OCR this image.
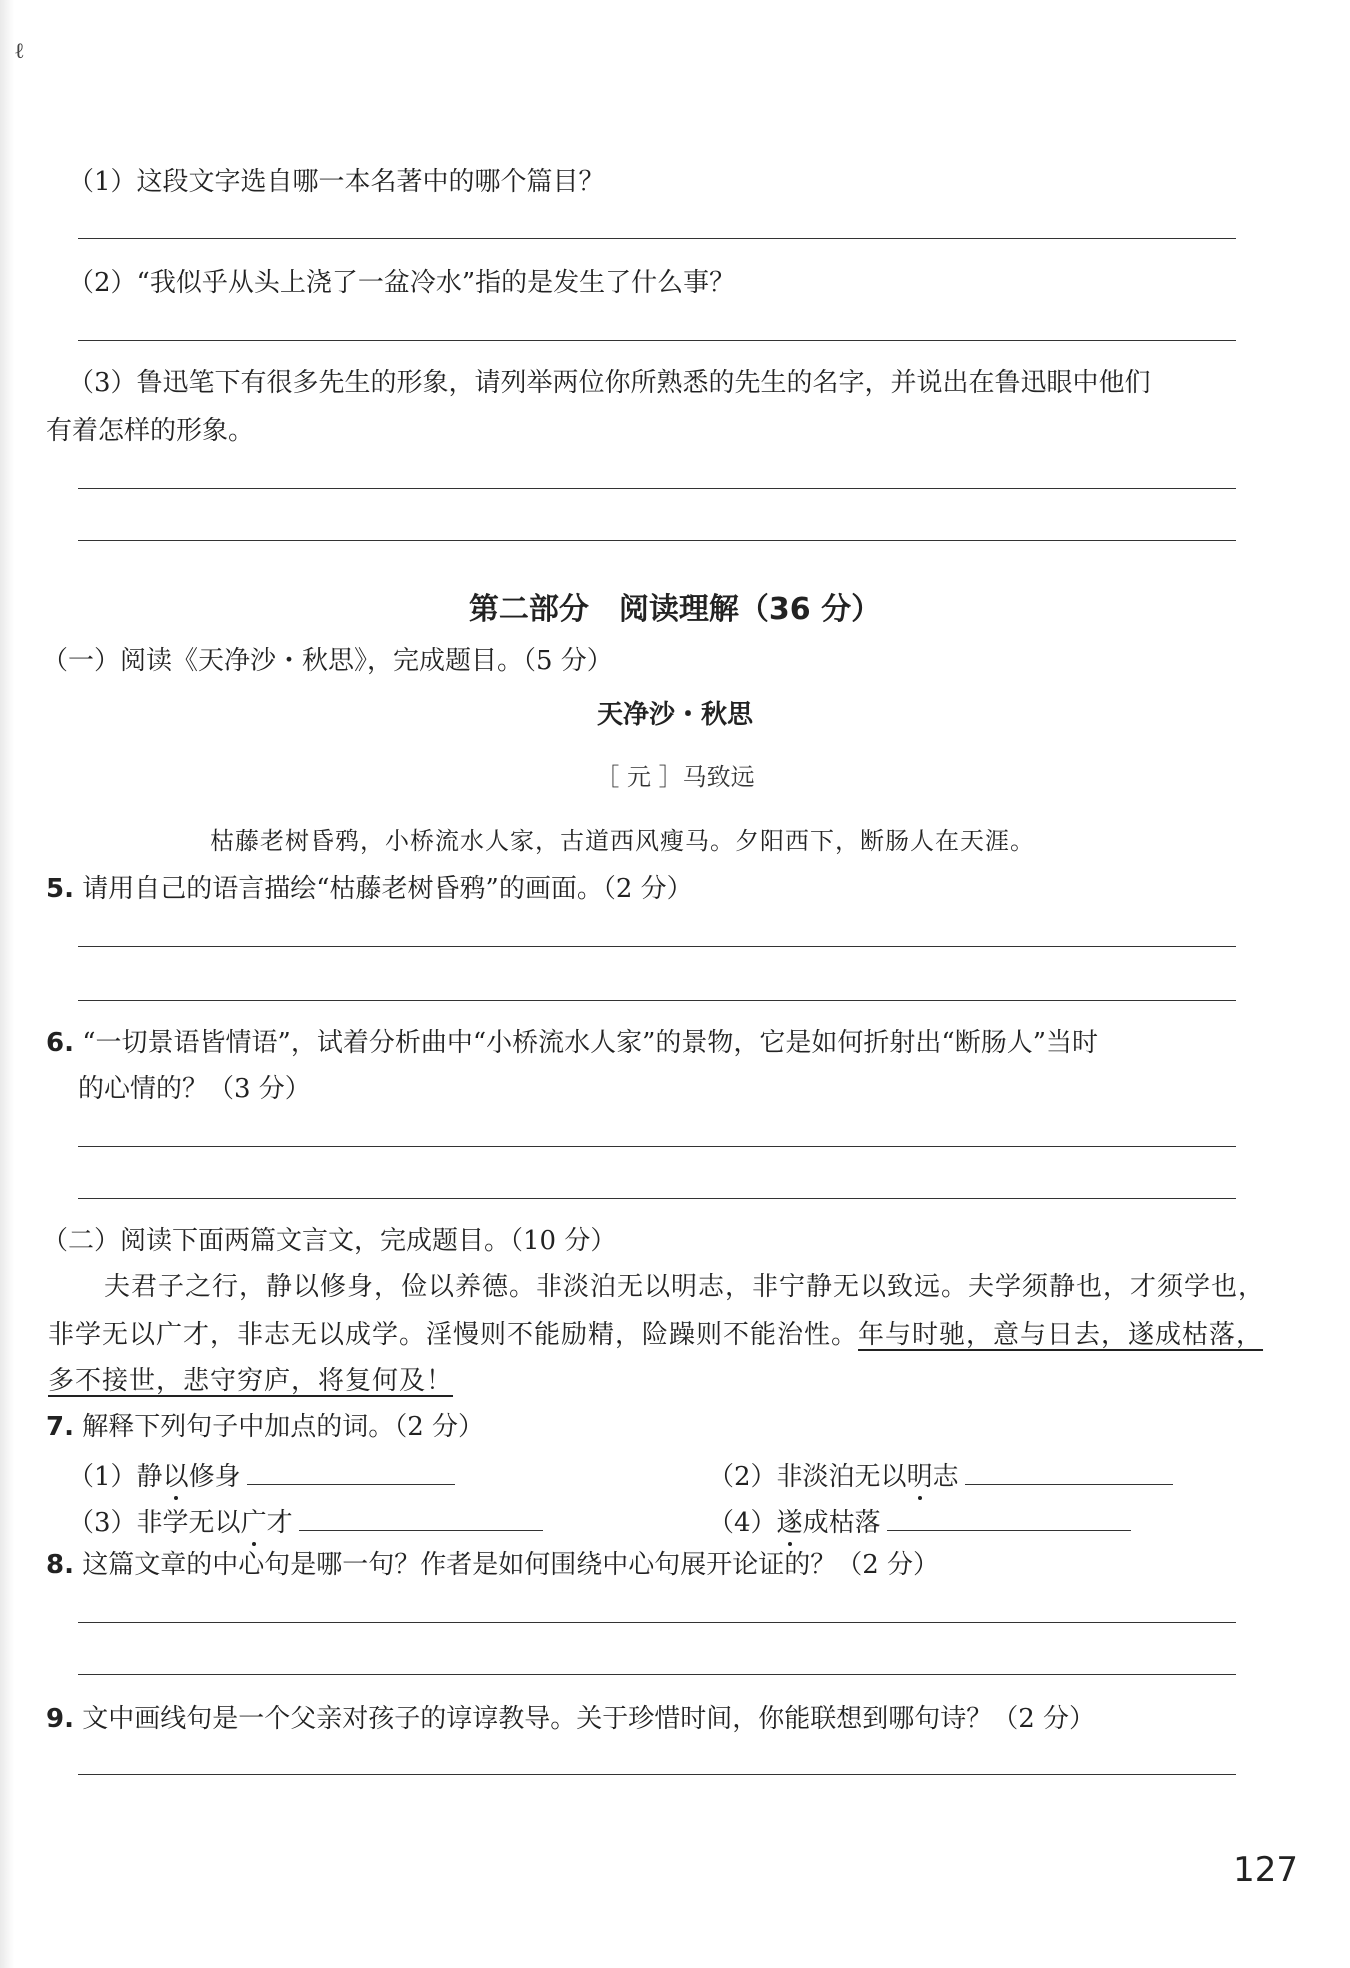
ℓ
（1）这段文字选自哪一本名著中的哪个篇目？
（2）“我似乎从头上浇了一盆冷水”指的是发生了什么事？
（3）鲁迅笔下有很多先生的形象，请列举两位你所熟悉的先生的名字，并说出在鲁迅眼中他们
有着怎样的形象。
第二部分　阅读理解（36 分）
（一）阅读《天净沙・秋思》，完成题目。（5 分）
天净沙・秋思
［ 元 ］马致远
枯藤老树昏鸦，小桥流水人家，古道西风瘦马。夕阳西下，断肠人在天涯。
5. 请用自己的语言描绘“枯藤老树昏鸦”的画面。（2 分）
6. “一切景语皆情语”，试着分析曲中“小桥流水人家”的景物，它是如何折射出“断肠人”当时
的心情的？（3 分）
（二）阅读下面两篇文言文，完成题目。（10 分）
夫君子之行，静以修身，俭以养德。非淡泊无以明志，非宁静无以致远。夫学须静也，才须学也，
非学无以广才，非志无以成学。淫慢则不能励精，险躁则不能治性。年与时驰，意与日去，遂成枯落，
多不接世，悲守穷庐，将复何及！
7. 解释下列句子中加点的词。（2 分）
（1）静以修身	（2）非淡泊无以明志
（3）非学无以广才	（4）遂成枯落
8. 这篇文章的中心句是哪一句？作者是如何围绕中心句展开论证的？（2 分）
9. 文中画线句是一个父亲对孩子的谆谆教导。关于珍惜时间，你能联想到哪句诗？（2 分）
127
